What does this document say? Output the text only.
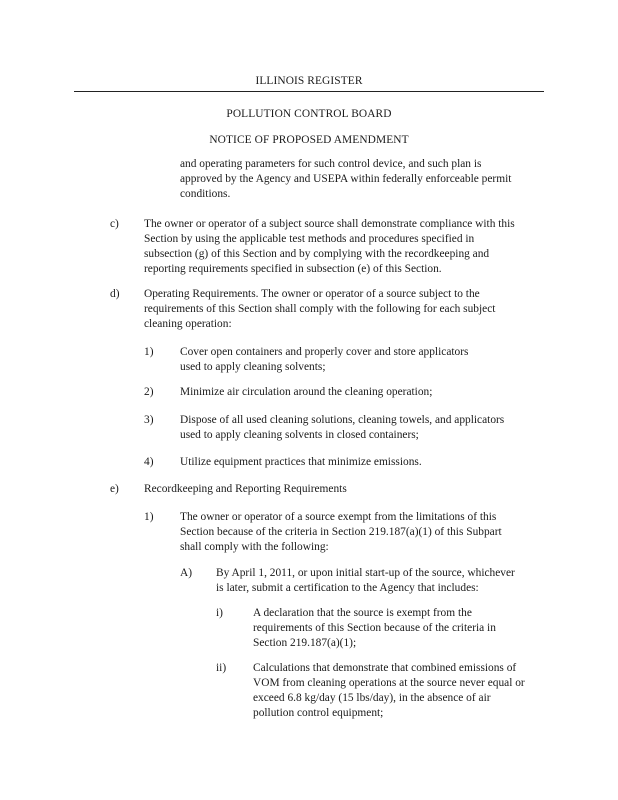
ILLINOIS REGISTER
POLLUTION CONTROL BOARD
NOTICE OF PROPOSED AMENDMENT
and operating parameters for such control device, and such plan is
approved by the Agency and USEPA within federally enforceable permit
conditions.
c) The owner or operator of a subject source shall demonstrate compliance with this
Section by using the applicable test methods and procedures specified in
subsection (g) of this Section and by complying with the recordkeeping and
reporting requirements specified in subsection (e) of this Section.
d) Operating Requirements. The owner or operator of a source subject to the
requirements of this Section shall comply with the following for each subject
cleaning operation:
1) Cover open containers and properly cover and store applicators
used to apply cleaning solvents;
2) Minimize air circulation around the cleaning operation;
3) Dispose of all used cleaning solutions, cleaning towels, and applicators
used to apply cleaning solvents in closed containers;
4) Utilize equipment practices that minimize emissions.
e) Recordkeeping and Reporting Requirements
1) The owner or operator of a source exempt from the limitations of this
Section because of the criteria in Section 219.187(a)(1) of this Subpart
shall comply with the following:
A) By April 1, 2011, or upon initial start-up of the source, whichever
is later, submit a certification to the Agency that includes:
i)	A declaration that the source is exempt from the
requirements of this Section because of the criteria in
Section 219.187(a)(1);
ii) Calculations that demonstrate that combined emissions of
VOM from cleaning operations at the source never equal or
exceed 6.8 kg/day (15 lbs/day), in the absence of air
pollution control equipment;
